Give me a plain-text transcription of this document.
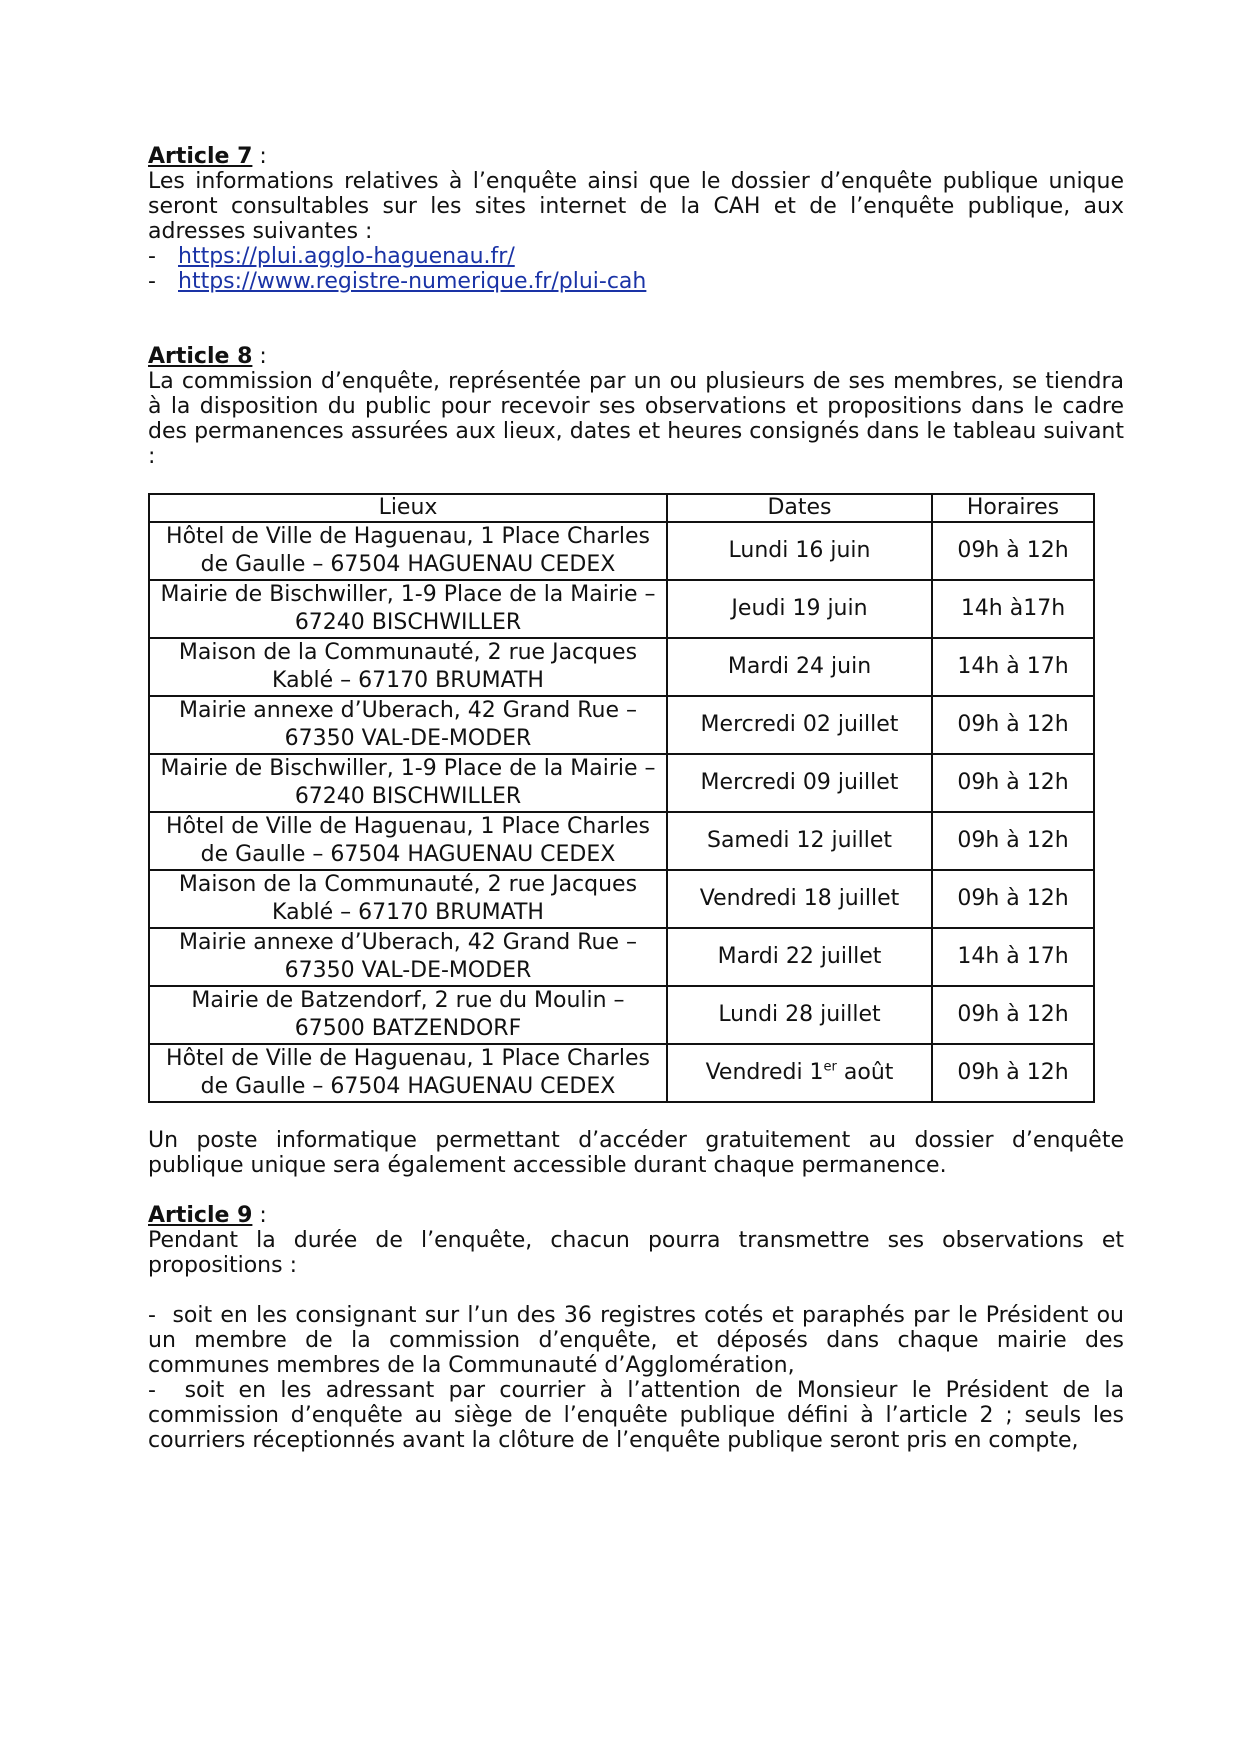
Article 7 :

Les informations relatives à l’enquête ainsi que le dossier d’enquête publique unique seront consultables sur les sites internet de la CAH et de l’enquête publique, aux adresses suivantes :

-	https://plui.agglo-haguenau.fr/
-	https://www.registre-numerique.fr/plui-cah
Article 8 :

La commission d’enquête, représentée par un ou plusieurs de ses membres, se tiendra à la disposition du public pour recevoir ses observations et propositions dans le cadre des permanences assurées aux lieux, dates et heures consignés dans le tableau suivant :

Lieux	Dates	Horaires
Hôtel de Ville de Haguenau, 1 Place Charles de Gaulle – 67504 HAGUENAU CEDEX	Lundi 16 juin	09h à 12h
Mairie de Bischwiller, 1-9 Place de la Mairie – 67240 BISCHWILLER	Jeudi 19 juin	14h à17h
Maison de la Communauté, 2 rue Jacques Kablé – 67170 BRUMATH	Mardi 24 juin	14h à 17h
Mairie annexe d’Uberach, 42 Grand Rue – 67350 VAL-DE-MODER	Mercredi 02 juillet	09h à 12h
Mairie de Bischwiller, 1-9 Place de la Mairie – 67240 BISCHWILLER	Mercredi 09 juillet	09h à 12h
Hôtel de Ville de Haguenau, 1 Place Charles de Gaulle – 67504 HAGUENAU CEDEX	Samedi 12 juillet	09h à 12h
Maison de la Communauté, 2 rue Jacques Kablé – 67170 BRUMATH	Vendredi 18 juillet	09h à 12h
Mairie annexe d’Uberach, 42 Grand Rue – 67350 VAL-DE-MODER	Mardi 22 juillet	14h à 17h
Mairie de Batzendorf, 2 rue du Moulin – 67500 BATZENDORF	Lundi 28 juillet	09h à 12h
Hôtel de Ville de Haguenau, 1 Place Charles de Gaulle – 67504 HAGUENAU CEDEX	Vendredi 1er août	09h à 12h

Un poste informatique permettant d’accéder gratuitement au dossier d’enquête publique unique sera également accessible durant chaque permanence.

Article 9 :

Pendant la durée de l’enquête, chacun pourra transmettre ses observations et propositions :

- soit en les consignant sur l’un des 36 registres cotés et paraphés par le Président ou un membre de la commission d’enquête, et déposés dans chaque mairie des communes membres de la Communauté d’Agglomération,

- soit en les adressant par courrier à l’attention de Monsieur le Président de la commission d’enquête au siège de l’enquête publique défini à l’article 2 ; seuls les courriers réceptionnés avant la clôture de l’enquête publique seront pris en compte,
